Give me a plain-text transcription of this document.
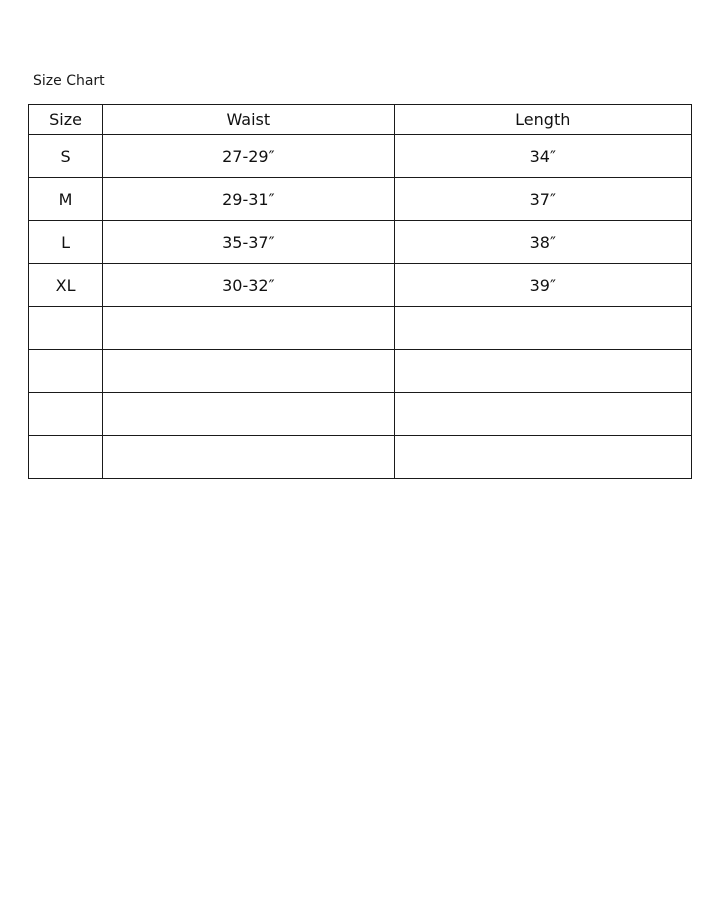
Size Chart
Size	Waist	Length
S	27-29″	34″
M	29-31″	37″
L	35-37″	38″
XL	30-32″	39″
